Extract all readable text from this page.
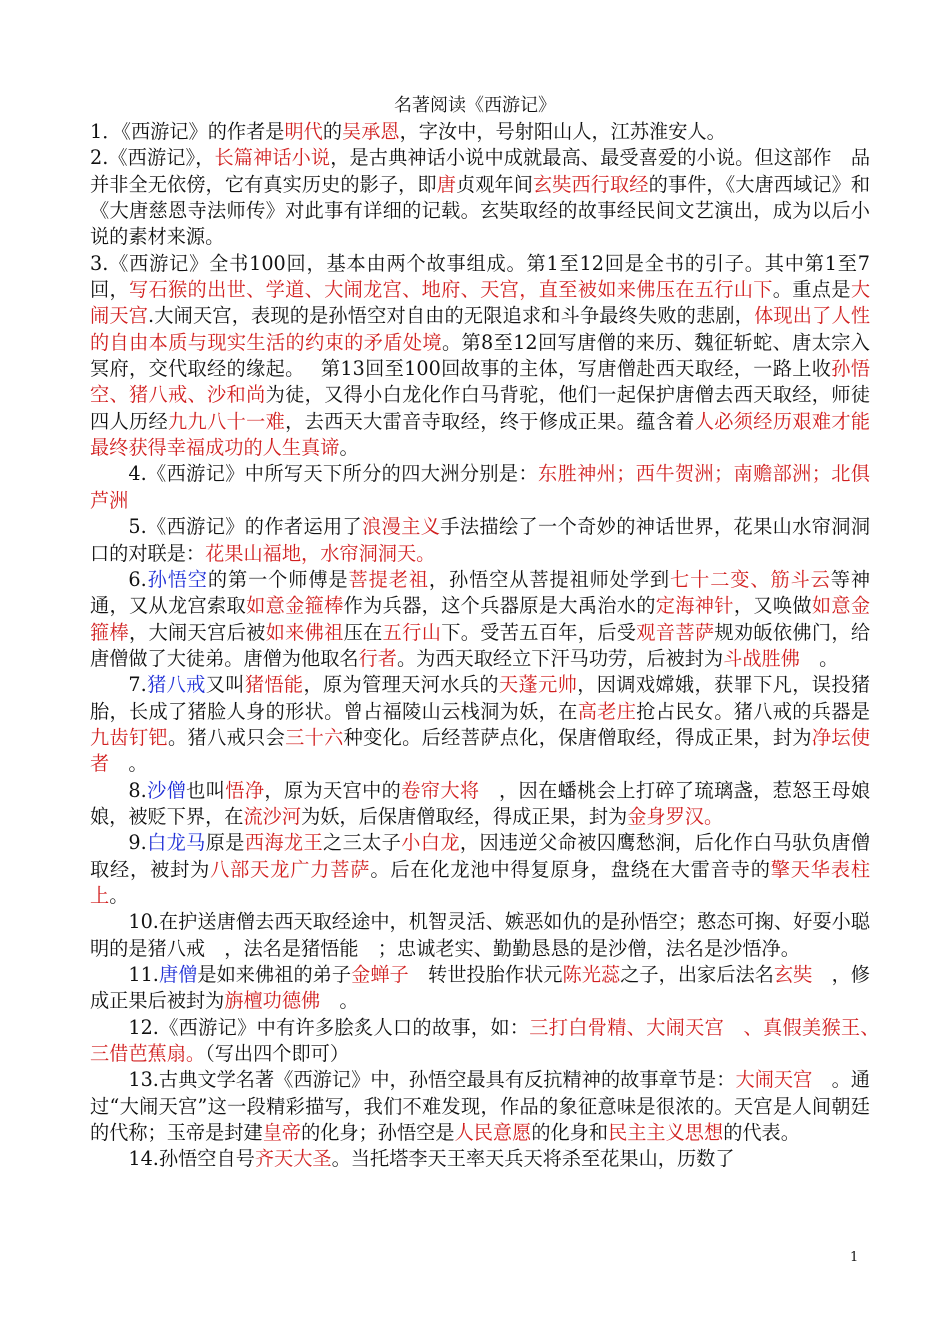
名著阅读《西游记》

1．《西游记》的作者是明代的吴承恩，字汝中，号射阳山人，江苏淮安人。

2.《西游记》，长篇神话小说，是古典神话小说中成就最高、最受喜爱的小说。但这部作　品并非全无依傍，它有真实历史的影子，即唐贞观年间玄奘西行取经的事件，《大唐西域记》和《大唐慈恩寺法师传》对此事有详细的记载。玄奘取经的故事经民间文艺演出，成为以后小说的素材来源。

3.《西游记》全书100回，基本由两个故事组成。第1至12回是全书的引子。其中第1至7回，写石猴的出世、学道、大闹龙宫、地府、天宫，直至被如来佛压在五行山下。重点是大闹天宫.大闹天宫，表现的是孙悟空对自由的无限追求和斗争最终失败的悲剧，体现出了人性的自由本质与现实生活的约束的矛盾处境。第8至12回写唐僧的来历、魏征斩蛇、唐太宗入冥府，交代取经的缘起。　 第13回至100回故事的主体，写唐僧赴西天取经，一路上收孙悟空、猪八戒、沙和尚为徒，又得小白龙化作白马背驼，他们一起保护唐僧去西天取经，师徒四人历经九九八十一难，去西天大雷音寺取经，终于修成正果。蕴含着人必须经历艰难才能最终获得幸福成功的人生真谛。

4.《西游记》中所写天下所分的四大洲分别是：东胜神州；西牛贺洲；南赡部洲；北俱芦洲

5.《西游记》的作者运用了浪漫主义手法描绘了一个奇妙的神话世界，花果山水帘洞洞口的对联是：花果山福地，水帘洞洞天。

6.孙悟空的第一个师傅是菩提老祖，孙悟空从菩提祖师处学到七十二变、筋斗云等神通，又从龙宫索取如意金箍棒作为兵器，这个兵器原是大禹治水的定海神针，又唤做如意金箍棒，大闹天宫后被如来佛祖压在五行山下。受苦五百年，后受观音菩萨规劝皈依佛门，给唐僧做了大徒弟。唐僧为他取名行者。为西天取经立下汗马功劳，后被封为斗战胜佛　。

7.猪八戒又叫猪悟能，原为管理天河水兵的天蓬元帅，因调戏嫦娥，获罪下凡，误投猪胎，长成了猪脸人身的形状。曾占福陵山云栈洞为妖，在高老庄抢占民女。猪八戒的兵器是九齿钉钯。猪八戒只会三十六种变化。后经菩萨点化，保唐僧取经，得成正果，封为净坛使者　。

8.沙僧也叫悟净，原为天宫中的卷帘大将　，因在蟠桃会上打碎了琉璃盏，惹怒王母娘娘，被贬下界，在流沙河为妖，后保唐僧取经，得成正果，封为金身罗汉。

9.白龙马原是西海龙王之三太子小白龙，因违逆父命被囚鹰愁涧，后化作白马驮负唐僧取经，被封为八部天龙广力菩萨。后在化龙池中得复原身，盘绕在大雷音寺的擎天华表柱上。

10.在护送唐僧去西天取经途中，机智灵活、嫉恶如仇的是孙悟空；憨态可掬、好耍小聪明的是猪八戒　，法名是猪悟能　；忠诚老实、勤勤恳恳的是沙僧，法名是沙悟净。

11.唐僧是如来佛祖的弟子金蝉子　转世投胎作状元陈光蕊之子，出家后法名玄奘　，修成正果后被封为旃檀功德佛　。

12.《西游记》中有许多脍炙人口的故事，如：三打白骨精、大闹天宫　、真假美猴王、　　三借芭蕉扇。（写出四个即可）

13.古典文学名著《西游记》中，孙悟空最具有反抗精神的故事章节是：大闹天宫　。通过“大闹天宫”这一段精彩描写，我们不难发现，作品的象征意味是很浓的。天宫是人间朝廷的代称；玉帝是封建皇帝的化身；孙悟空是人民意愿的化身和民主主义思想的代表。

14.孙悟空自号齐天大圣。当托塔李天王率天兵天将杀至花果山，历数了

1
